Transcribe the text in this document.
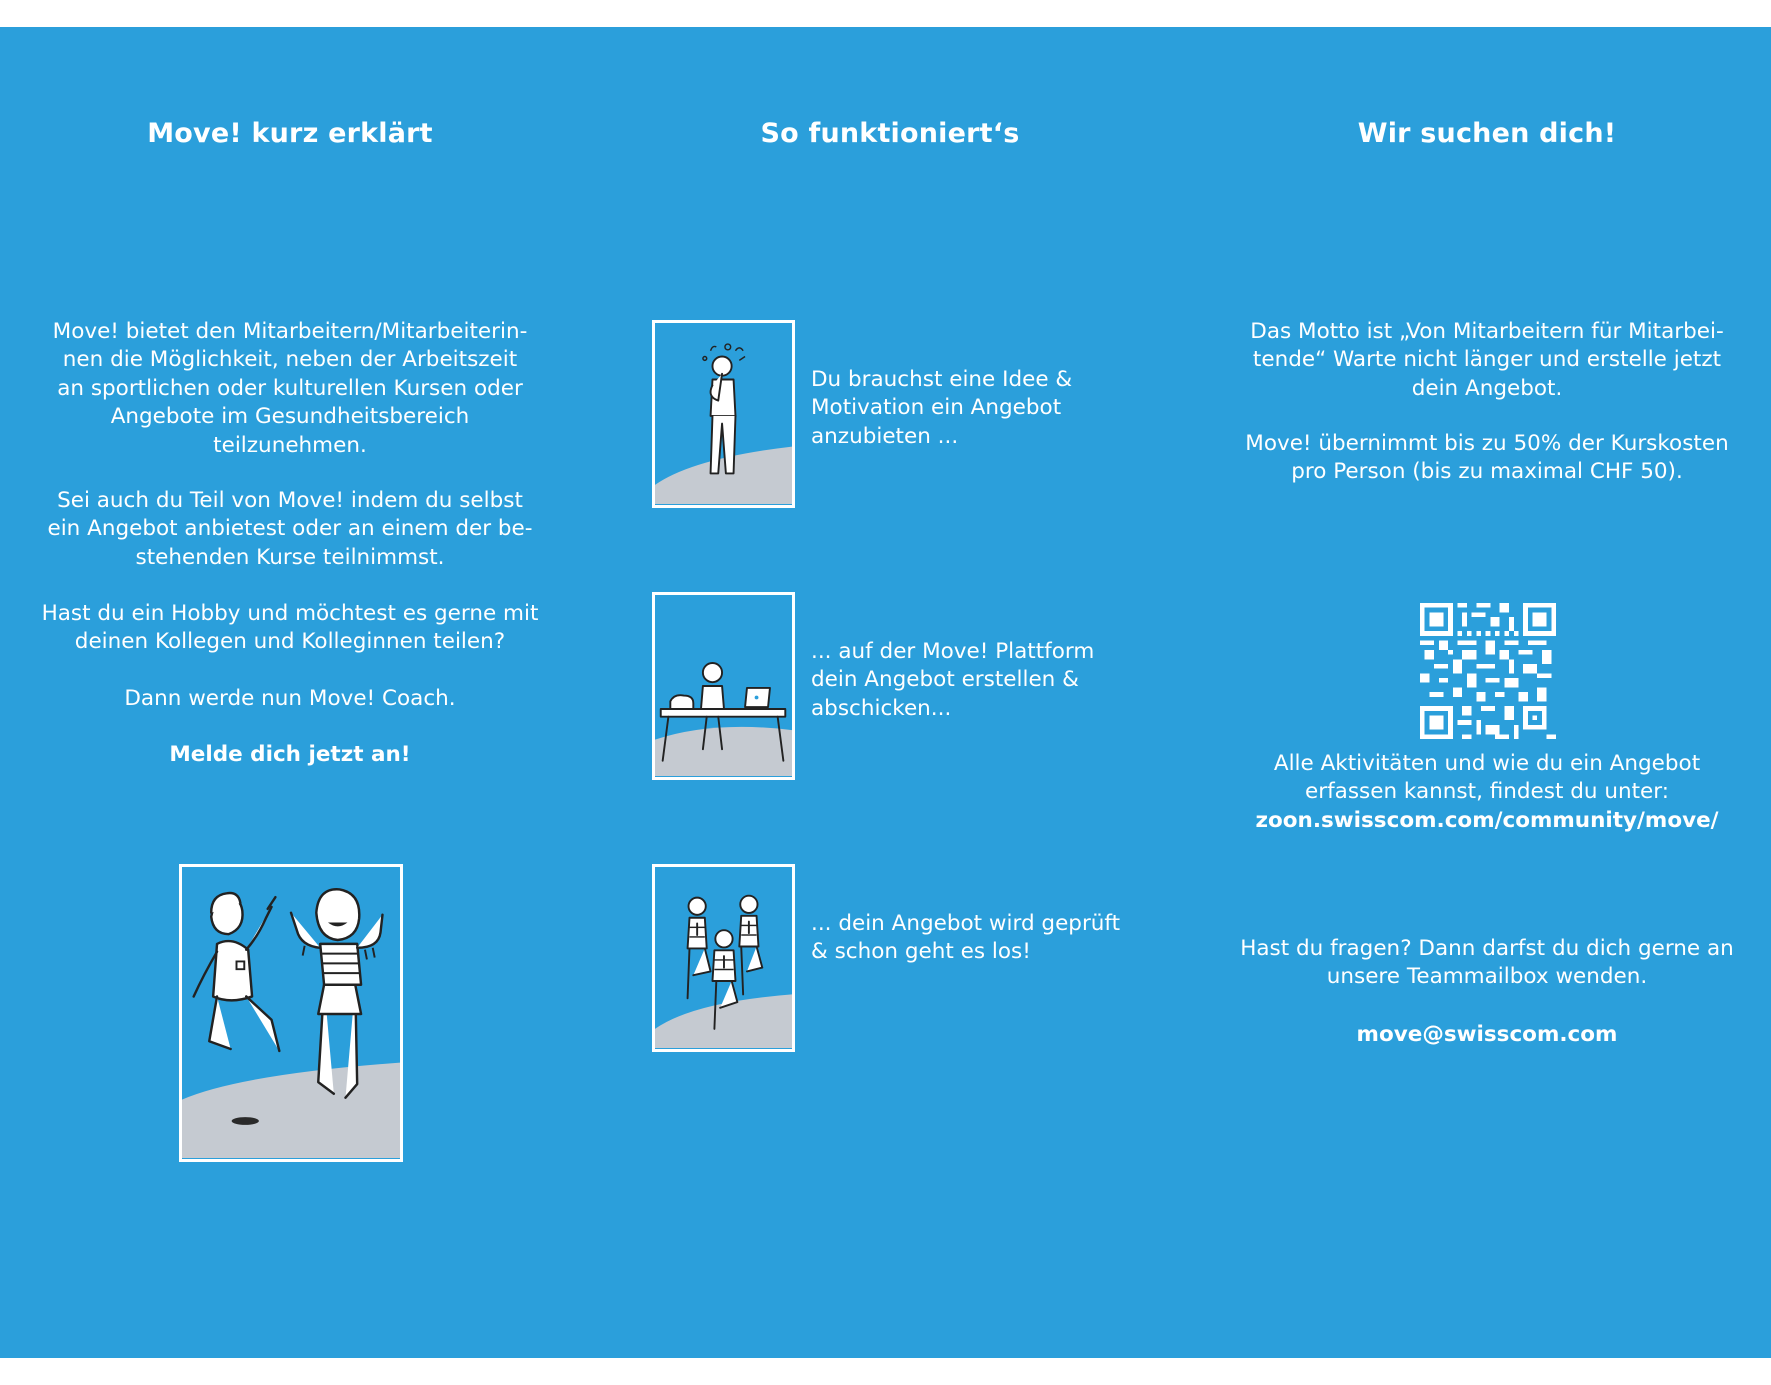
Move! kurz erklärt
Move! bietet den Mitarbeitern/Mitarbeiterin-
nen die Möglichkeit, neben der Arbeitszeit
an sportlichen oder kulturellen Kursen oder
Angebote im Gesundheitsbereich
teilzunehmen.
Sei auch du Teil von Move! indem du selbst
ein Angebot anbietest oder an einem der be-
stehenden Kurse teilnimmst.
Hast du ein Hobby und möchtest es gerne mit
deinen Kollegen und Kolleginnen teilen?
Dann werde nun Move! Coach.
Melde dich jetzt an!
So funktioniert‘s
Du brauchst eine Idee &
Motivation ein Angebot
anzubieten ...
... auf der Move! Plattform
dein Angebot erstellen &
abschicken...
... dein Angebot wird geprüft
& schon geht es los!
Wir suchen dich!
Das Motto ist „Von Mitarbeitern für Mitarbei-
tende“ Warte nicht länger und erstelle jetzt
dein Angebot.
Move! übernimmt bis zu 50% der Kurskosten
pro Person (bis zu maximal CHF 50).
Alle Aktivitäten und wie du ein Angebot
erfassen kannst, findest du unter:
zoon.swisscom.com/community/move/
Hast du fragen? Dann darfst du dich gerne an
unsere Teammailbox wenden.
move@swisscom.com
